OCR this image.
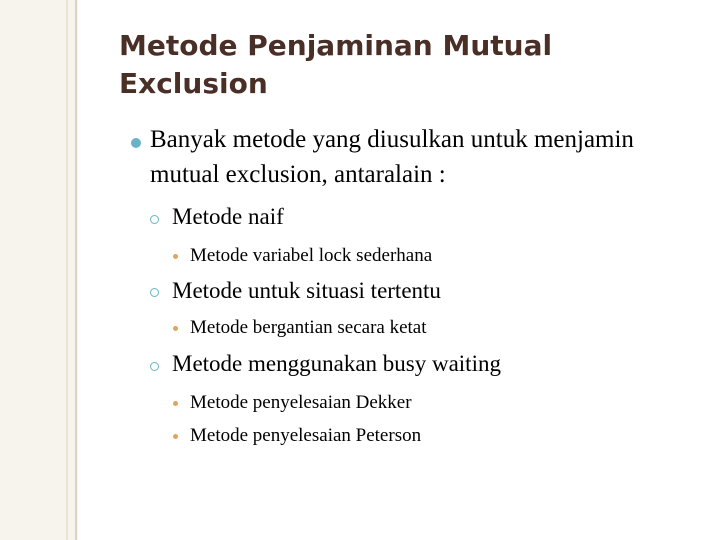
Metode Penjaminan Mutual Exclusion
Banyak metode yang diusulkan untuk menjamin mutual exclusion, antaralain :
Metode naif
Metode variabel lock sederhana
Metode untuk situasi tertentu
Metode bergantian secara ketat
Metode menggunakan busy waiting
Metode penyelesaian Dekker
Metode penyelesaian Peterson
